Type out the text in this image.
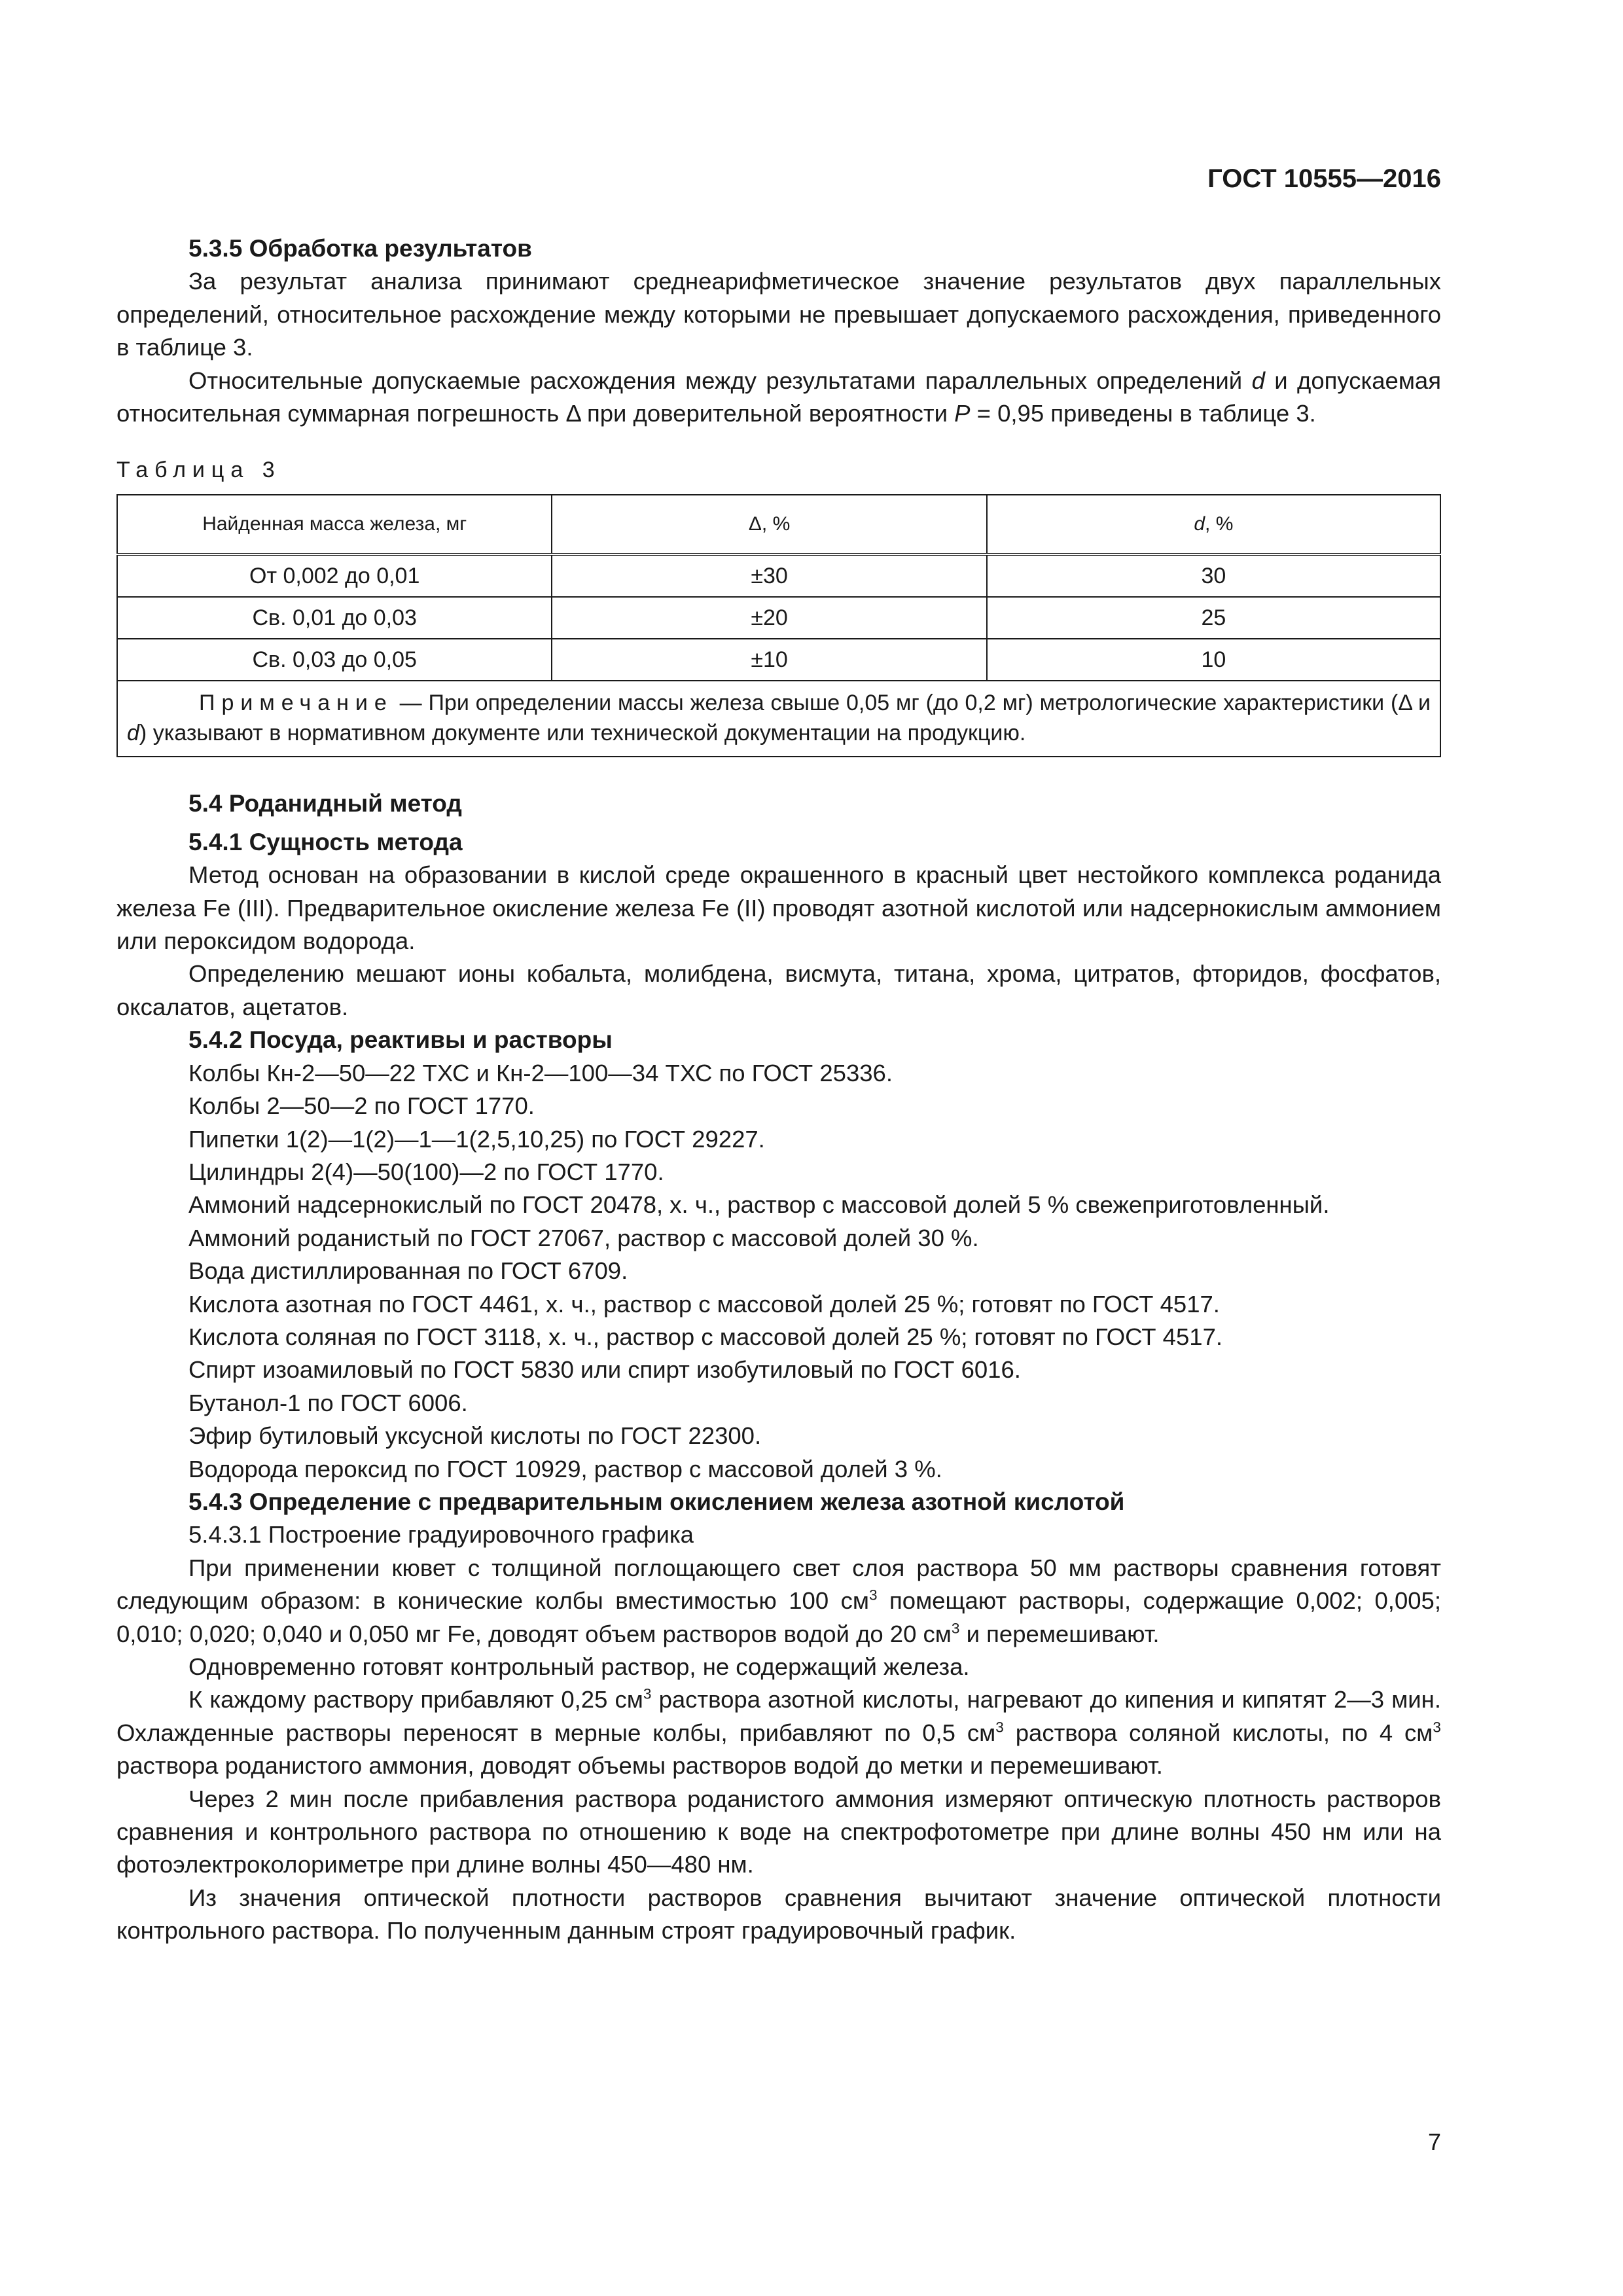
ГОСТ 10555—2016
5.3.5 Обработка результатов

За результат анализа принимают среднеарифметическое значение результатов двух параллельных определений, относительное расхождение между которыми не превышает допускаемого расхождения, приведенного в таблице 3.

Относительные допускаемые расхождения между результатами параллельных определений d и допускаемая относительная суммарная погрешность Δ при доверительной вероятности P = 0,95 приведены в таблице 3.

Таблица 3
Найденная масса железа, мг	Δ, %	d, %
От 0,002 до 0,01	±30	30
Св. 0,01 до 0,03	±20	25
Св. 0,03 до 0,05	±10	10
Примечание — При определении массы железа свыше 0,05 мг (до 0,2 мг) метрологические характеристики (Δ и d) указывают в нормативном документе или технической документации на продукцию.		
5.4 Роданидный метод
5.4.1 Сущность метода

Метод основан на образовании в кислой среде окрашенного в красный цвет нестойкого комплекса роданида железа Fe (III). Предварительное окисление железа Fe (II) проводят азотной кислотой или надсернокислым аммонием или пероксидом водорода.

Определению мешают ионы кобальта, молибдена, висмута, титана, хрома, цитратов, фторидов, фосфатов, оксалатов, ацетатов.

5.4.2 Посуда, реактивы и растворы

Колбы Кн-2—50—22 ТХС и Кн-2—100—34 ТХС по ГОСТ 25336.

Колбы 2—50—2 по ГОСТ 1770.

Пипетки 1(2)—1(2)—1—1(2,5,10,25) по ГОСТ 29227.

Цилиндры 2(4)—50(100)—2 по ГОСТ 1770.

Аммоний надсернокислый по ГОСТ 20478, х. ч., раствор с массовой долей 5 % свежеприготовленный.

Аммоний роданистый по ГОСТ 27067, раствор с массовой долей 30 %.

Вода дистиллированная по ГОСТ 6709.

Кислота азотная по ГОСТ 4461, х. ч., раствор с массовой долей 25 %; готовят по ГОСТ 4517.

Кислота соляная по ГОСТ 3118, х. ч., раствор с массовой долей 25 %; готовят по ГОСТ 4517.

Спирт изоамиловый по ГОСТ 5830 или спирт изобутиловый по ГОСТ 6016.

Бутанол-1 по ГОСТ 6006.

Эфир бутиловый уксусной кислоты по ГОСТ 22300.

Водорода пероксид по ГОСТ 10929, раствор с массовой долей 3 %.

5.4.3 Определение с предварительным окислением железа азотной кислотой
5.4.3.1 Построение градуировочного графика

При применении кювет с толщиной поглощающего свет слоя раствора 50 мм растворы сравнения готовят следующим образом: в конические колбы вместимостью 100 $см^3$ помещают растворы, содержащие 0,002; 0,005; 0,010; 0,020; 0,040 и 0,050 мг Fe, доводят объем растворов водой до 20 $см^3$ и перемешивают.

Одновременно готовят контрольный раствор, не содержащий железа.

К каждому раствору прибавляют 0,25 $см^3$ раствора азотной кислоты, нагревают до кипения и кипятят 2—3 мин. Охлажденные растворы переносят в мерные колбы, прибавляют по 0,5 $см^3$ раствора соляной кислоты, по 4 $см^3$ раствора роданистого аммония, доводят объемы растворов водой до метки и перемешивают.

Через 2 мин после прибавления раствора роданистого аммония измеряют оптическую плотность растворов сравнения и контрольного раствора по отношению к воде на спектрофотометре при длине волны 450 нм или на фотоэлектроколориметре при длине волны 450—480 нм.

Из значения оптической плотности растворов сравнения вычитают значение оптической плотности контрольного раствора. По полученным данным строят градуировочный график.

7
